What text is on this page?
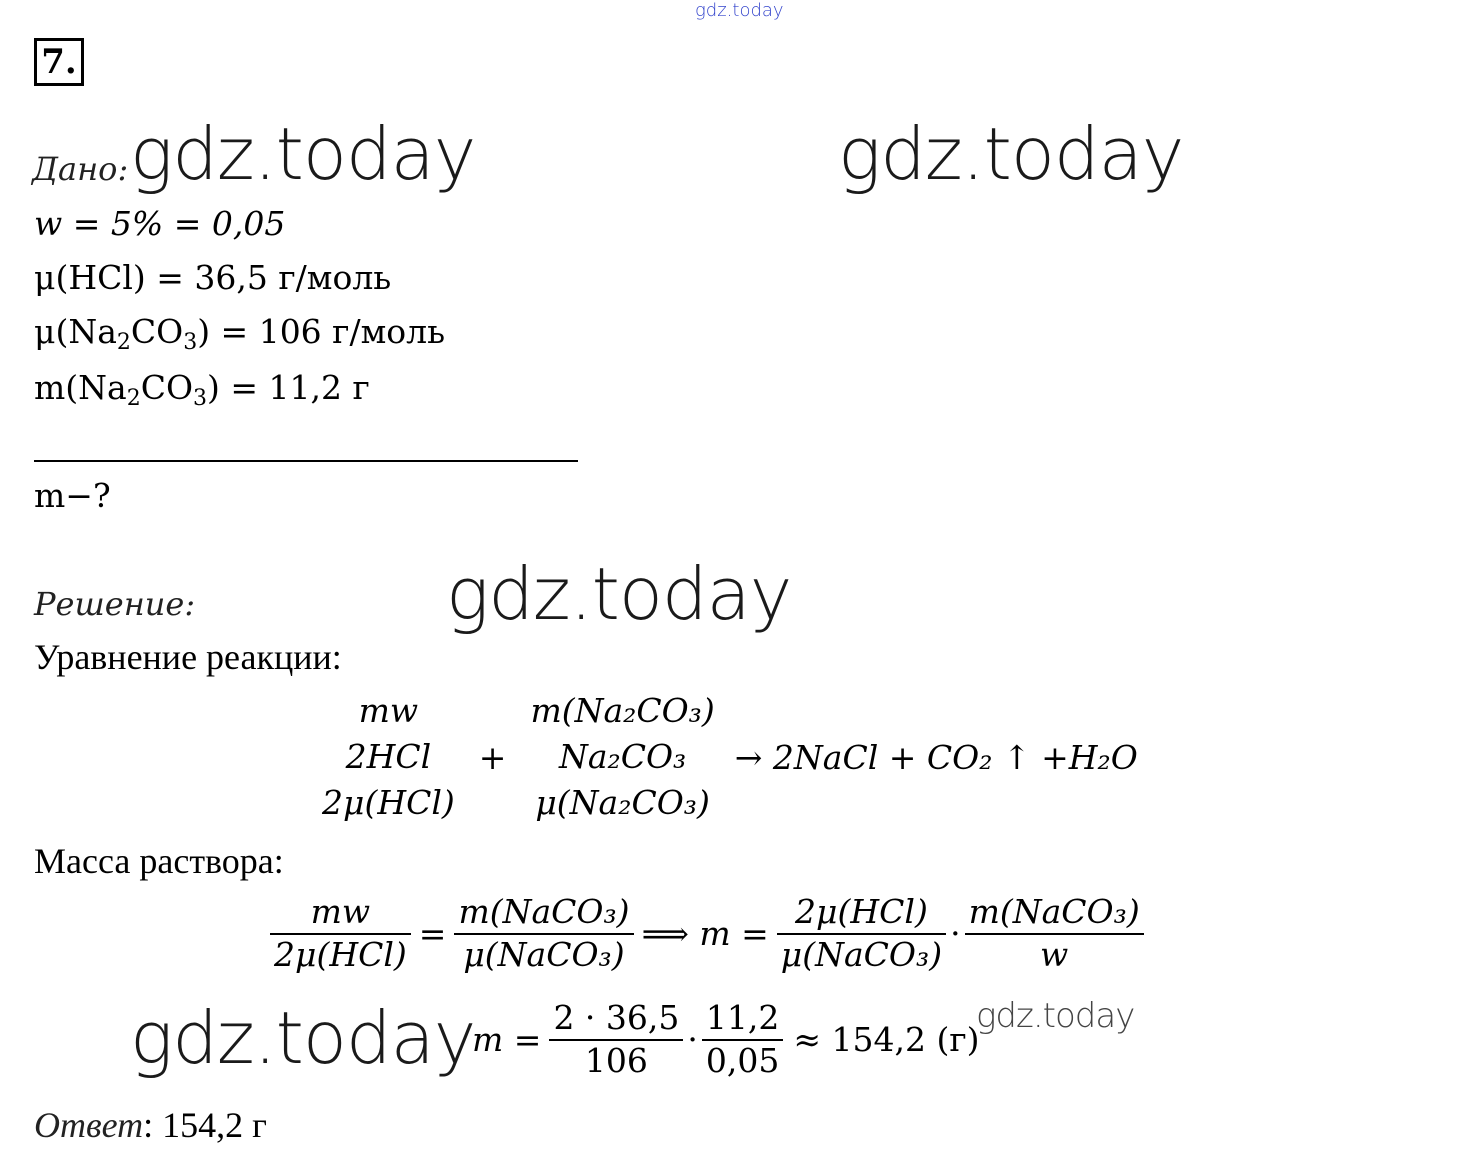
gdz.today
7.
Дано: gdz.today	gdz.today
w = 5% = 0,05
μ(HCl) = 36,5 г/моль
$\mu(Na_2CO_3) = 106$ г/моль
$m(Na_2CO_3) = 11,2$ г
m−?
Решение:	gdz.today
Уравнение реакции:
mw
2HCl
2μ(HCl)
+
m(Na₂CO₃)
Na₂CO₃
μ(Na₂CO₃)
→ 2NaCl + CO₂ ↑ +H₂O
Масса раствора:
$\frac{mw}{\text{2μ(HCl)}} = \frac{\text{m(NaCO₃)}}{\text{μ(NaCO₃)}}$ ⟹ $m = \frac{\text{2μ(HCl)}}{\text{μ(NaCO₃)}} \cdot \frac{\text{m(NaCO₃)}}{w}$
gdz.today
$m = \frac{2 \cdot 36,5}{106} \cdot \frac{11,2}{0,05} \approx 154,2$ (г)
gdz.today
Ответ: 154,2 г
